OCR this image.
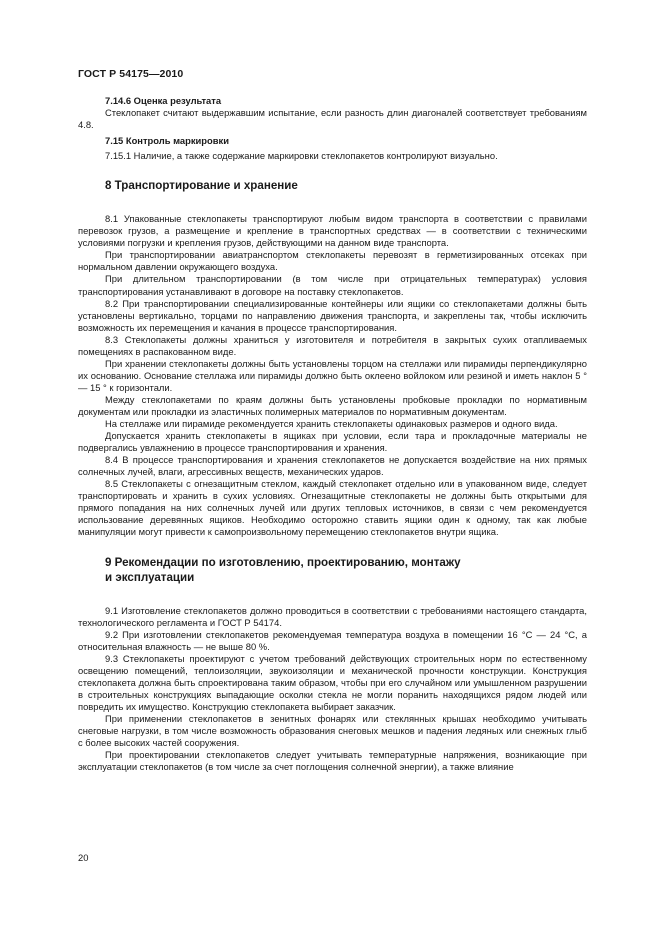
ГОСТ Р 54175—2010

7.14.6 Оценка результата

Стеклопакет считают выдержавшим испытание, если разность длин диагоналей соответствует требованиям 4.8.

7.15 Контроль маркировки

7.15.1 Наличие, а также содержание маркировки стеклопакетов контролируют визуально.

8 Транспортирование и хранение

8.1 Упакованные стеклопакеты транспортируют любым видом транспорта в соответствии с правилами перевозок грузов, а размещение и крепление в транспортных средствах — в соответствии с техническими условиями погрузки и крепления грузов, действующими на данном виде транспорта.

При транспортировании авиатранспортом стеклопакеты перевозят в герметизированных отсеках при нормальном давлении окружающего воздуха.

При длительном транспортировании (в том числе при отрицательных температурах) условия транспортирования устанавливают в договоре на поставку стеклопакетов.

8.2 При транспортировании специализированные контейнеры или ящики со стеклопакетами должны быть установлены вертикально, торцами по направлению движения транспорта, и закреплены так, чтобы исключить возможность их перемещения и качания в процессе транспортирования.

8.3 Стеклопакеты должны храниться у изготовителя и потребителя в закрытых сухих отапливаемых помещениях в распакованном виде.

При хранении стеклопакеты должны быть установлены торцом на стеллажи или пирамиды перпендикулярно их основанию. Основание стеллажа или пирамиды должно быть оклеено войлоком или резиной и иметь наклон 5 ° — 15 ° к горизонтали.

Между стеклопакетами по краям должны быть установлены пробковые прокладки по нормативным документам или прокладки из эластичных полимерных материалов по нормативным документам.

На стеллаже или пирамиде рекомендуется хранить стеклопакеты одинаковых размеров и одного вида.

Допускается хранить стеклопакеты в ящиках при условии, если тара и прокладочные материалы не подвергались увлажнению в процессе транспортирования и хранения.

8.4 В процессе транспортирования и хранения стеклопакетов не допускается воздействие на них прямых солнечных лучей, влаги, агрессивных веществ, механических ударов.

8.5 Стеклопакеты с огнезащитным стеклом, каждый стеклопакет отдельно или в упакованном виде, следует транспортировать и хранить в сухих условиях. Огнезащитные стеклопакеты не должны быть открытыми для прямого попадания на них солнечных лучей или других тепловых источников, в связи с чем рекомендуется использование деревянных ящиков. Необходимо осторожно ставить ящики один к одному, так как любые манипуляции могут привести к самопроизвольному перемещению стеклопакетов внутри ящика.

9 Рекомендации по изготовлению, проектированию, монтажу
и эксплуатации

9.1 Изготовление стеклопакетов должно проводиться в соответствии с требованиями настоящего стандарта, технологического регламента и ГОСТ Р 54174.

9.2 При изготовлении стеклопакетов рекомендуемая температура воздуха в помещении 16 °С — 24 °С, а относительная влажность — не выше 80 %.

9.3 Стеклопакеты проектируют с учетом требований действующих строительных норм по естественному освещению помещений, теплоизоляции, звукоизоляции и механической прочности конструкции. Конструкция стеклопакета должна быть спроектирована таким образом, чтобы при его случайном или умышленном разрушении в строительных конструкциях выпадающие осколки стекла не могли поранить находящихся рядом людей или повредить их имущество. Конструкцию стеклопакета выбирает заказчик.

При применении стеклопакетов в зенитных фонарях или стеклянных крышах необходимо учитывать снеговые нагрузки, в том числе возможность образования снеговых мешков и падения ледяных или снежных глыб с более высоких частей сооружения.

При проектировании стеклопакетов следует учитывать температурные напряжения, возникающие при эксплуатации стеклопакетов (в том числе за счет поглощения солнечной энергии), а также влияние

20
